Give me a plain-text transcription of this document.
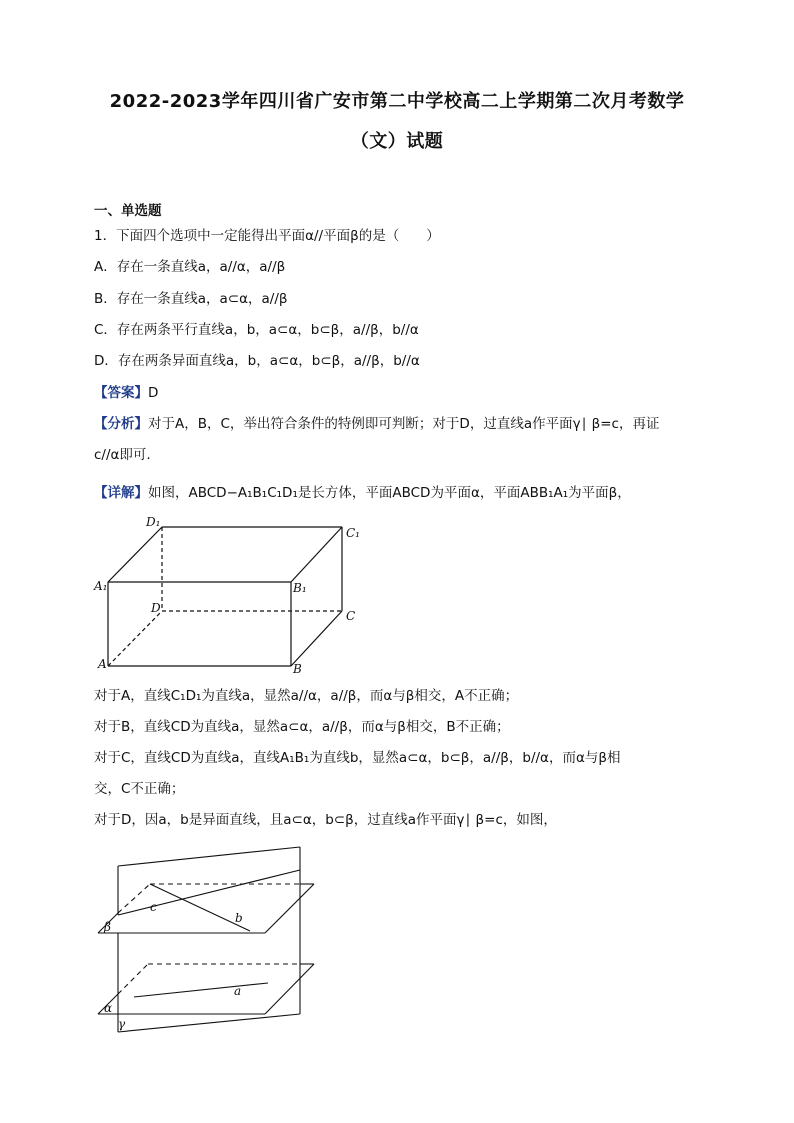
2022-2023学年四川省广安市第二中学校高二上学期第二次月考数学
（文）试题
一、单选题
1．下面四个选项中一定能得出平面α//平面β的是（　　）
A．存在一条直线a，a//α，a//β
B．存在一条直线a，a⊂α，a//β
C．存在两条平行直线a，b，a⊂α，b⊂β，a//β，b//α
D．存在两条异面直线a，b，a⊂α，b⊂β，a//β，b//α
【答案】D
【分析】对于A，B，C，举出符合条件的特例即可判断；对于D，过直线a作平面γ∣ β=c，再证
c//α即可.
【详解】如图，ABCD−A₁B₁C₁D₁是长方体，平面ABCD为平面α，平面ABB₁A₁为平面β，
D₁
C₁
A₁	B₁
D
C
A	B
对于A，直线C₁D₁为直线a，显然a//α，a//β，而α与β相交，A不正确；
对于B，直线CD为直线a，显然a⊂α，a//β，而α与β相交，B不正确；
对于C，直线CD为直线a，直线A₁B₁为直线b，显然a⊂α，b⊂β，a//β，b//α，而α与β相
交，C不正确；
对于D，因a，b是异面直线，且a⊂α，b⊂β，过直线a作平面γ∣ β=c，如图，
c
b
β
a
α
γ
